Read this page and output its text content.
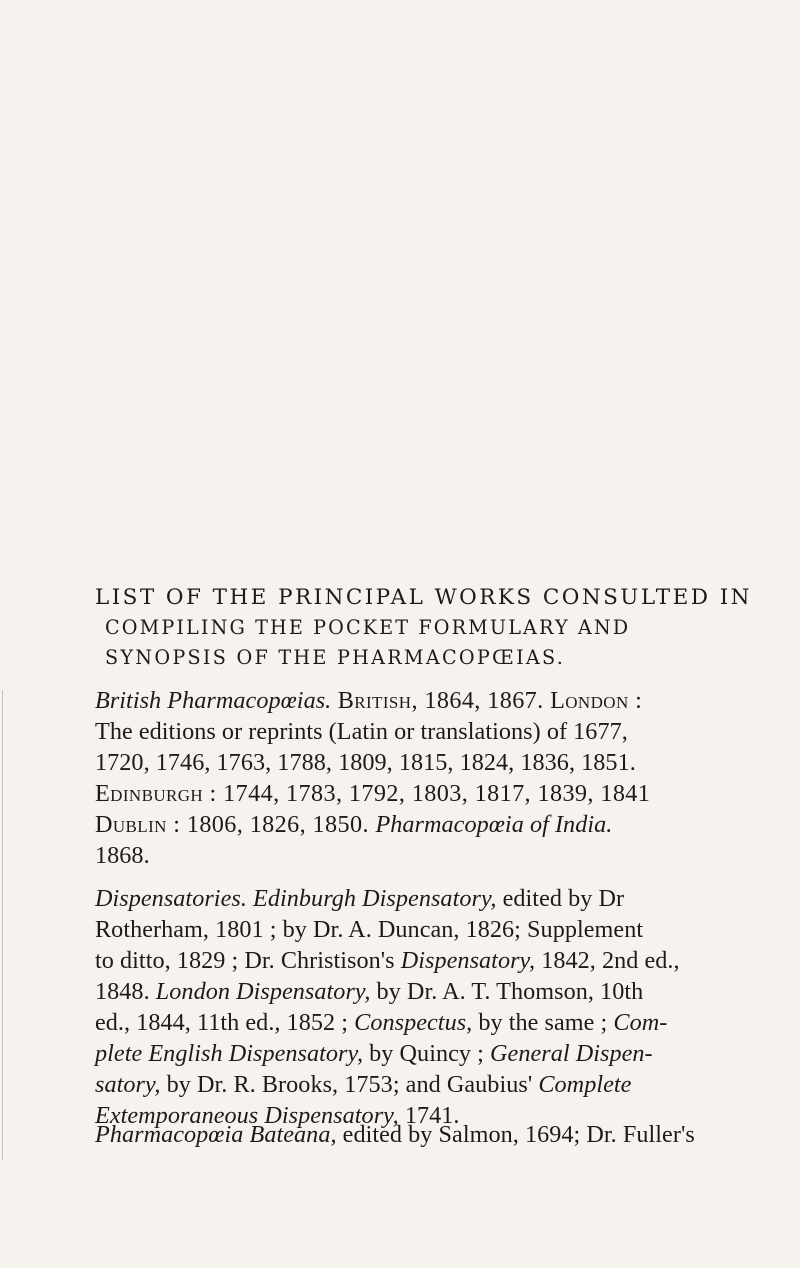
LIST OF THE PRINCIPAL WORKS CONSULTED IN
COMPILING THE POCKET FORMULARY AND
SYNOPSIS OF THE PHARMACOPŒIAS.
British Pharmacopœias. British, 1864, 1867. London :
The editions or reprints (Latin or translations) of 1677,
1720, 1746, 1763, 1788, 1809, 1815, 1824, 1836, 1851.
Edinburgh : 1744, 1783, 1792, 1803, 1817, 1839, 1841
Dublin : 1806, 1826, 1850. Pharmacopœia of India.
1868.
Dispensatories. Edinburgh Dispensatory, edited by Dr
Rotherham, 1801 ; by Dr. A. Duncan, 1826; Supplement
to ditto, 1829 ; Dr. Christison's Dispensatory, 1842, 2nd ed.,
1848. London Dispensatory, by Dr. A. T. Thomson, 10th
ed., 1844, 11th ed., 1852 ; Conspectus, by the same ; Com-
plete English Dispensatory, by Quincy ; General Dispen-
satory, by Dr. R. Brooks, 1753; and Gaubius' Complete
Extemporaneous Dispensatory, 1741.
Pharmacopœia Bateana, edited by Salmon, 1694; Dr. Fuller's
